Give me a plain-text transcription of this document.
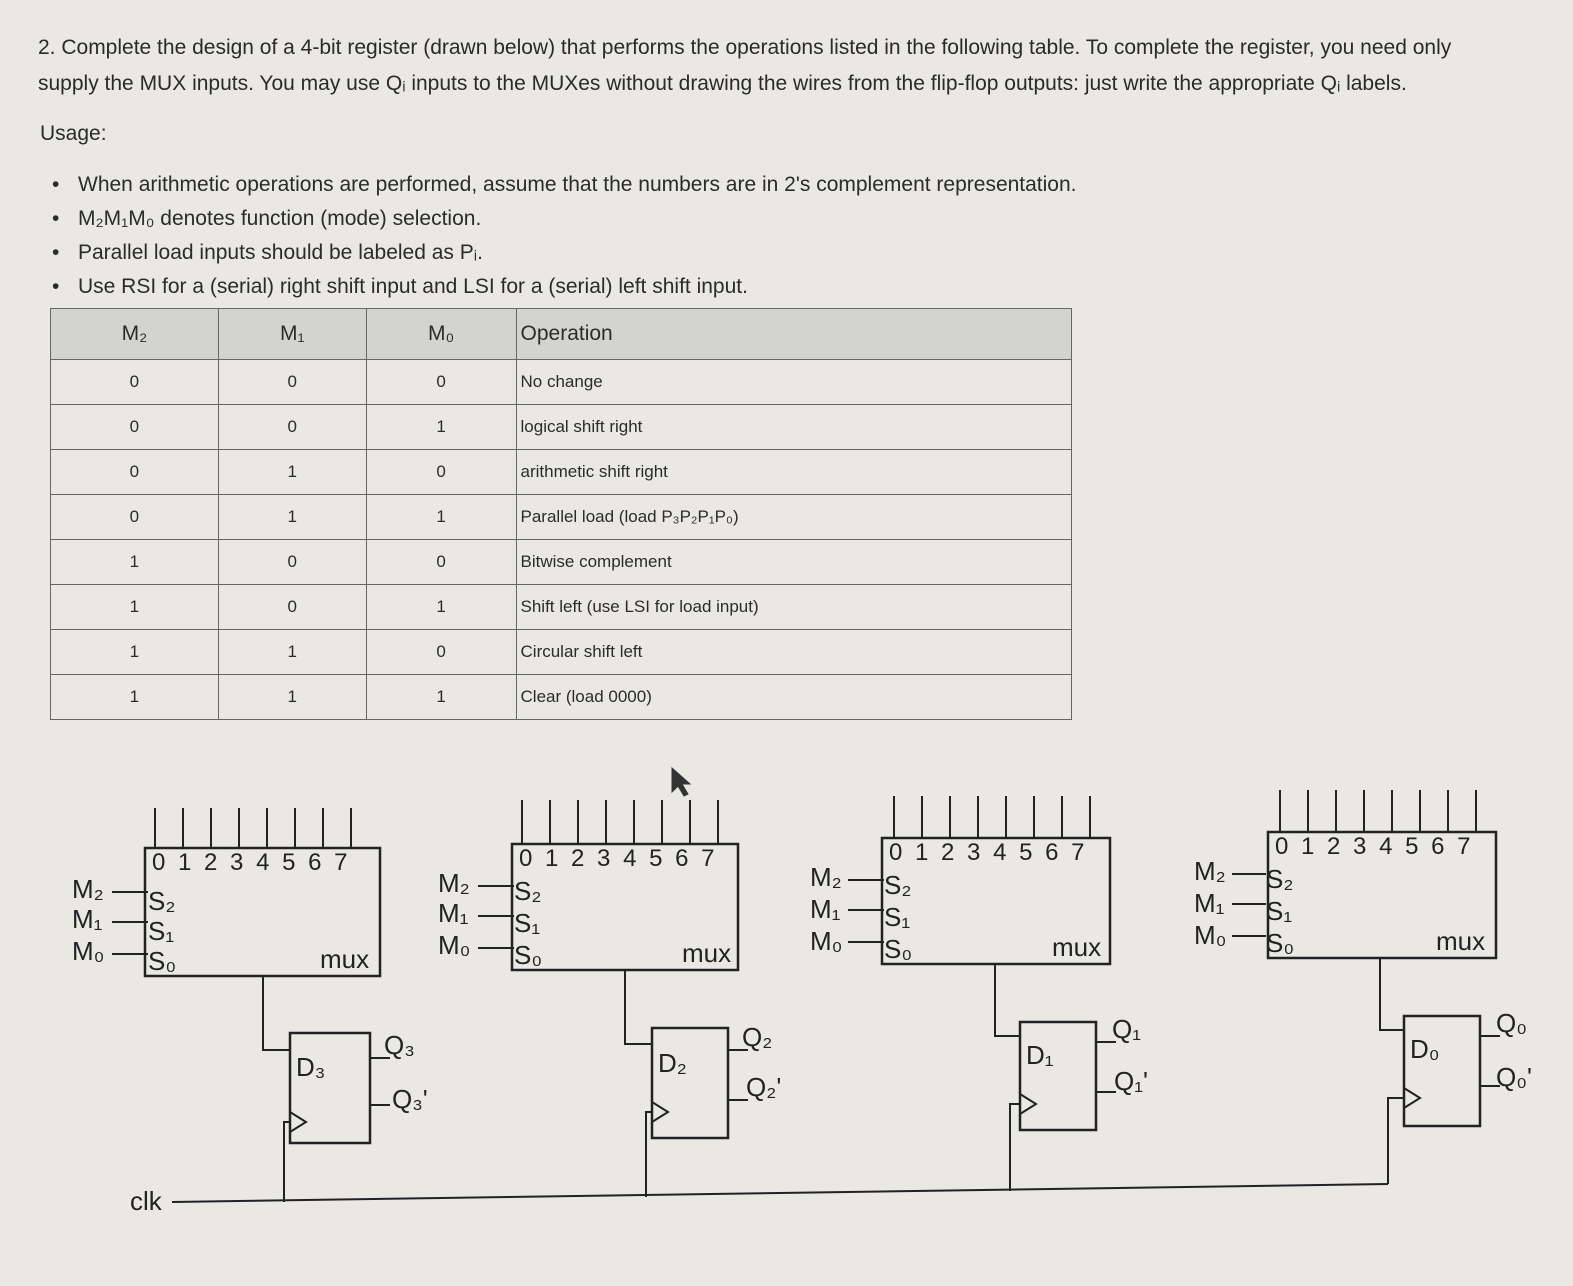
2. Complete the design of a 4-bit register (drawn below) that performs the operations listed in the following table. To complete the register, you need only
supply the MUX inputs. You may use Qᵢ inputs to the MUXes without drawing the wires from the flip-flop outputs: just write the appropriate Qᵢ labels.
Usage:
• When arithmetic operations are performed, assume that the numbers are in 2's complement representation.
• M₂M₁M₀ denotes function (mode) selection.
• Parallel load inputs should be labeled as Pᵢ.
• Use RSI for a (serial) right shift input and LSI for a (serial) left shift input.
M₂	M₁	M₀	Operation
0	0	0	No change
0	0	1	logical shift right
0	1	0	arithmetic shift right
0	1	1	Parallel load (load P₃P₂P₁P₀)
1	0	0	Bitwise complement
1	0	1	Shift left (use LSI for load input)
1	1	0	Circular shift left
1	1	1	Clear (load 0000)
clk
0 1 2 3 4 5 6 7
mux
S₂
S₁
S₀
M₂
M₁
M₀
D₃
Q₃
Q₃'
0 1 2 3 4 5 6 7
mux
S₂
S₁
S₀
M₂
M₁
M₀
D₂
Q₂
Q₂'
0 1 2 3 4 5 6 7
mux
S₂
S₁
S₀
M₂
M₁
M₀
D₁
Q₁
Q₁'
0 1 2 3 4 5 6 7
mux
S₂
S₁
S₀
M₂
M₁
M₀
D₀
Q₀
Q₀'
